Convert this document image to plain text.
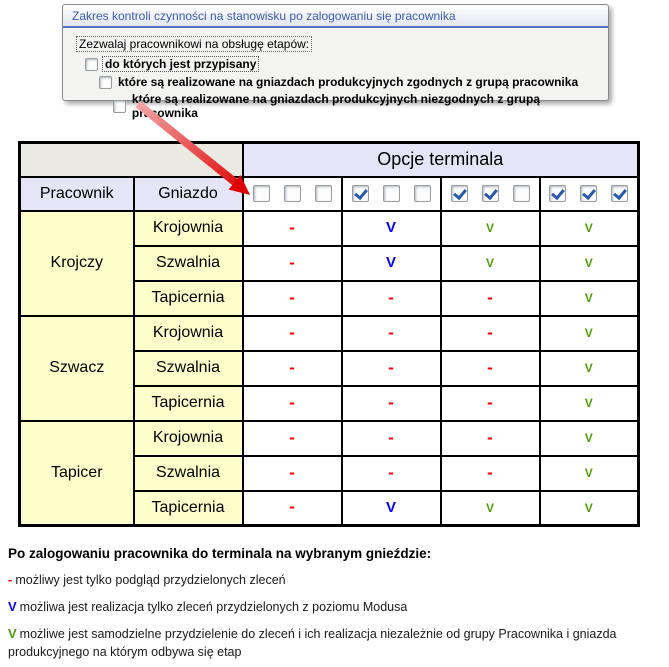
Zakres kontroli czynności na stanowisku po zalogowaniu się pracownika
Zezwalaj pracownikowi na obsługę etapów:
do których jest przypisany
które są realizowane na gniazdach produkcyjnych zgodnych z grupą pracownika
które są realizowane na gniazdach produkcyjnych niezgodnych z grupą pracownika
		Opcje terminala			
Pracownik	Gniazdo	

Krojczy	Krojownia	-	V	V	V
	Szwalnia	-	V	V	V
	Tapicernia	-	-	-	V
Szwacz	Krojownia	-	-	-	V
	Szwalnia	-	-	-	V
	Tapicernia	-	-	-	V
Tapicer	Krojownia	-	-	-	V
	Szwalnia	-	-	-	V
	Tapicernia	-	V	V	V
Po zalogowaniu pracownika do terminala na wybranym gnieździe:
- możliwy jest tylko podgląd przydzielonych zleceń
V możliwa jest realizacja tylko zleceń przydzielonych z poziomu Modusa
V możliwe jest samodzielne przydzielenie do zleceń i ich realizacja niezależnie od grupy Pracownika i gniazda produkcyjnego na którym odbywa się etap
